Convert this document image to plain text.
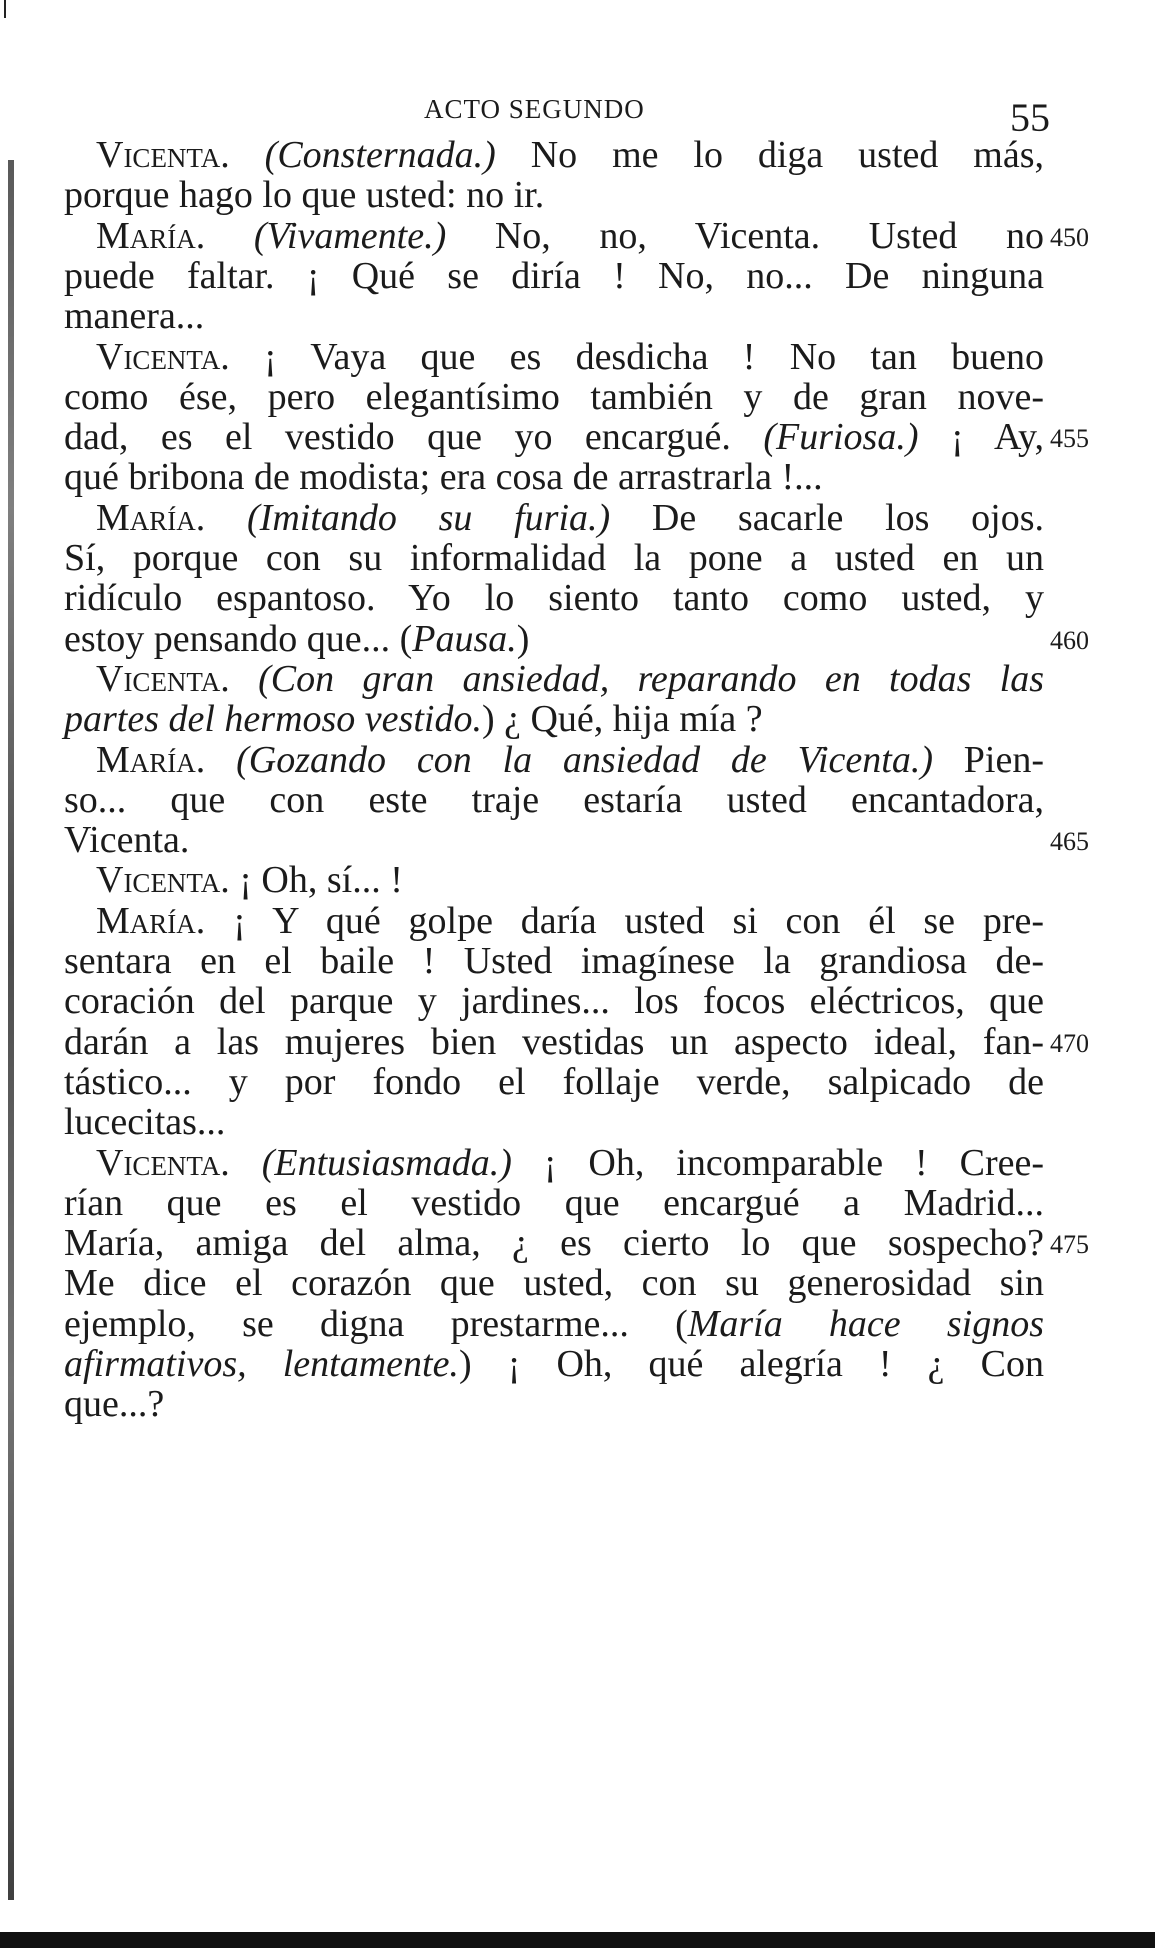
ACTO SEGUNDO	55
Vicenta. (Consternada.) No me lo diga usted más,
porque hago lo que usted: no ir.
María. (Vivamente.) No, no, Vicenta. Usted no
puede faltar. ¡ Qué se diría ! No, no... De ninguna
manera...
Vicenta. ¡ Vaya que es desdicha ! No tan bueno
como ése, pero elegantísimo también y de gran nove-
dad, es el vestido que yo encargué. (Furiosa.) ¡ Ay,
qué bribona de modista; era cosa de arrastrarla !...
María. (Imitando su furia.) De sacarle los ojos.
Sí, porque con su informalidad la pone a usted en un
ridículo espantoso. Yo lo siento tanto como usted, y
estoy pensando que... (Pausa.)
Vicenta. (Con gran ansiedad, reparando en todas las
partes del hermoso vestido.) ¿ Qué, hija mía ?
María. (Gozando con la ansiedad de Vicenta.) Pien-
so... que con este traje estaría usted encantadora,
Vicenta.
Vicenta. ¡ Oh, sí... !
María. ¡ Y qué golpe daría usted si con él se pre-
sentara en el baile ! Usted imagínese la grandiosa de-
coración del parque y jardines... los focos eléctricos, que
darán a las mujeres bien vestidas un aspecto ideal, fan-
tástico... y por fondo el follaje verde, salpicado de
lucecitas...
Vicenta. (Entusiasmada.) ¡ Oh, incomparable ! Cree-
rían que es el vestido que encargué a Madrid...
María, amiga del alma, ¿ es cierto lo que sospecho?
Me dice el corazón que usted, con su generosidad sin
ejemplo, se digna prestarme... (María hace signos
afirmativos, lentamente.) ¡ Oh, qué alegría ! ¿ Con
que...?
450
455
460
465
470
475
